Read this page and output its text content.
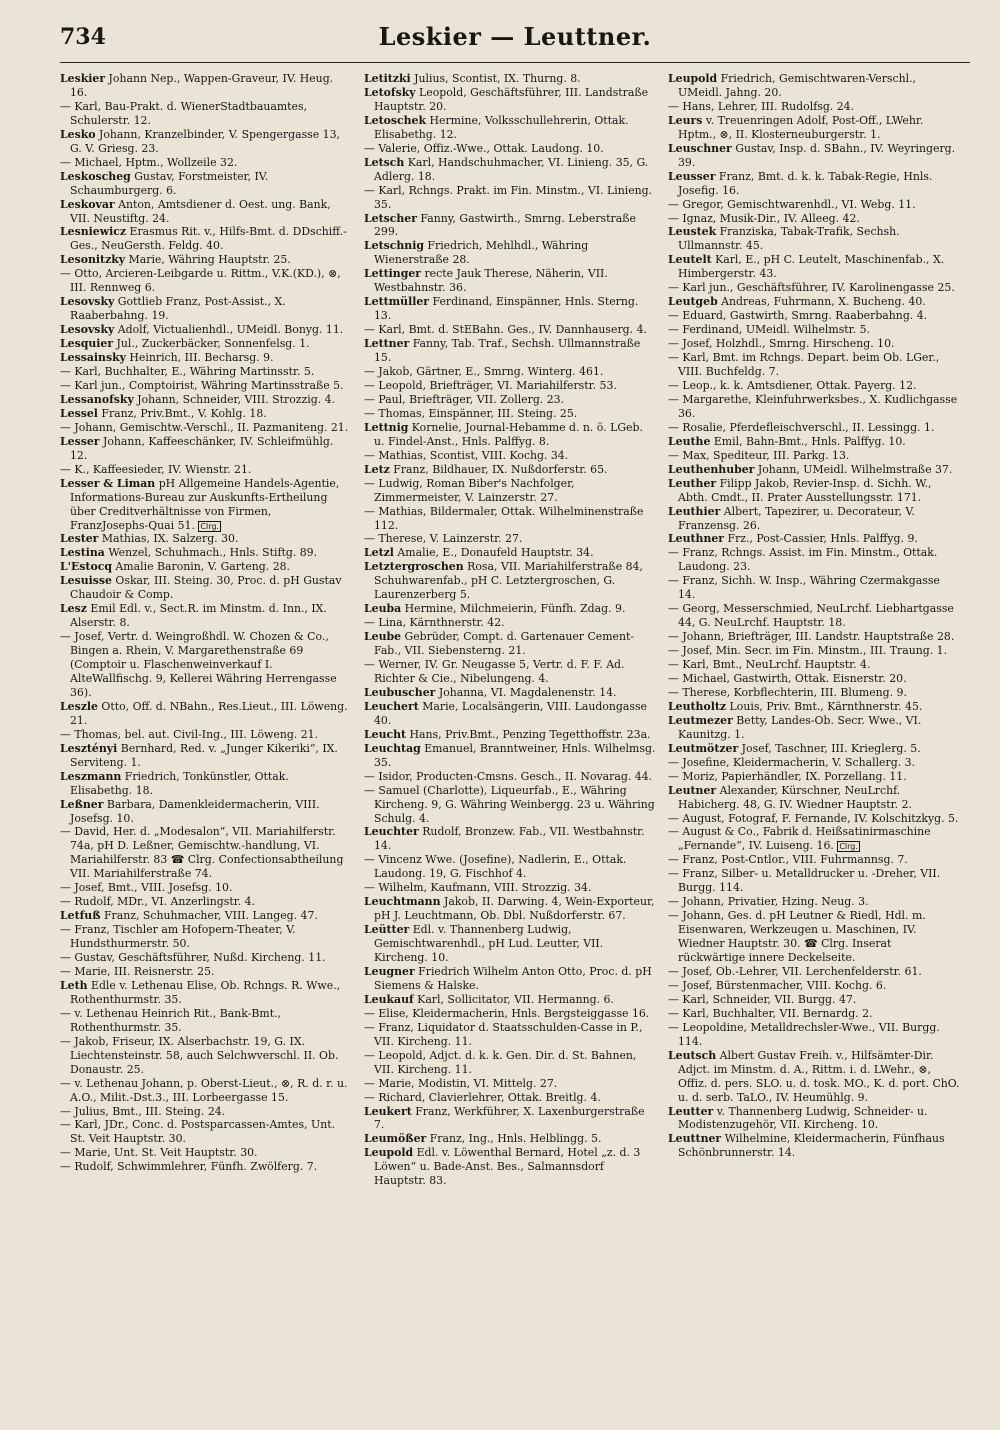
734	Leskier — Leuttner.

Leskier Johann Nep., Wappen-Graveur, IV. Heug. 16.

— Karl, Bau-Prakt. d. WienerStadtbauamtes, Schulerstr. 12.

Lesko Johann, Kranzelbinder, V. Spengergasse 13, G. V. Griesg. 23.

— Michael, Hptm., Wollzeile 32.

Leskoscheg Gustav, Forstmeister, IV. Schaumburgerg. 6.

Leskovar Anton, Amtsdiener d. Oest. ung. Bank, VII. Neustiftg. 24.

Lesniewicz Erasmus Rit. v., Hilfs-Bmt. d. DDschiff.-Ges., NeuGersth. Feldg. 40.

Lesonitzky Marie, Währing Hauptstr. 25.

— Otto, Arcieren-Leibgarde u. Rittm., V.K.(KD.), ⊗, III. Rennweg 6.

Lesovsky Gottlieb Franz, Post-Assist., X. Raaberbahng. 19.

Lesovsky Adolf, Victualienhdl., UMeidl. Bonyg. 11.

Lesquier Jul., Zuckerbäcker, Sonnenfelsg. 1.

Lessainsky Heinrich, III. Becharsg. 9.

— Karl, Buchhalter, E., Währing Martinsstr. 5.

— Karl jun., Comptoirist, Währing Martinsstraße 5.

Lessanofsky Johann, Schneider, VIII. Strozzig. 4.

Lessel Franz, Priv.Bmt., V. Kohlg. 18.

— Johann, Gemischtw.-Verschl., II. Pazmaniteng. 21.

Lesser Johann, Kaffeeschänker, IV. Schleifmühlg. 12.

— K., Kaffeesieder, IV. Wienstr. 21.

Lesser & Liman pH Allgemeine Handels-Agentie, Informations-Bureau zur Auskunfts-Ertheilung über Creditverhältnisse von Firmen, FranzJosephs-Quai 51. Clrg.

Lester Mathias, IX. Salzerg. 30.

Lestina Wenzel, Schuhmach., Hnls. Stiftg. 89.

L'Estocq Amalie Baronin, V. Garteng. 28.

Lesuisse Oskar, III. Steing. 30, Proc. d. pH Gustav Chaudoir & Comp.

Lesz Emil Edl. v., Sect.R. im Minstm. d. Inn., IX. Alserstr. 8.

— Josef, Vertr. d. Weingroßhdl. W. Chozen & Co., Bingen a. Rhein, V. Margarethenstraße 69 (Comptoir u. Flaschenweinverkauf I. AlteWallfischg. 9, Kellerei Währing Herrengasse 36).

Leszle Otto, Off. d. NBahn., Res.Lieut., III. Löweng. 21.

— Thomas, bel. aut. Civil-Ing., III. Löweng. 21.

Lesztényi Bernhard, Red. v. „Junger Kikeriki“, IX. Serviteng. 1.

Leszmann Friedrich, Tonkünstler, Ottak. Elisabethg. 18.

Leßner Barbara, Damenkleidermacherin, VIII. Josefsg. 10.

— David, Her. d. „Modesalon“, VII. Mariahilferstr. 74a, pH D. Leßner, Gemischtw.-handlung, VI. Mariahilferstr. 83 ☎ Clrg. Confectionsabtheilung VII. Mariahilferstraße 74.

— Josef, Bmt., VIII. Josefsg. 10.

— Rudolf, MDr., VI. Anzerlingstr. 4.

Letfuß Franz, Schuhmacher, VIII. Langeg. 47.

— Franz, Tischler am Hofopern-Theater, V. Hundsthurmerstr. 50.

— Gustav, Geschäftsführer, Nußd. Kircheng. 11.

— Marie, III. Reisnerstr. 25.

Leth Edle v. Lethenau Elise, Ob. Rchngs. R. Wwe., Rothenthurmstr. 35.

— v. Lethenau Heinrich Rit., Bank-Bmt., Rothenthurmstr. 35.

— Jakob, Friseur, IX. Alserbachstr. 19, G. IX. Liechtensteinstr. 58, auch Selchwverschl. II. Ob. Donaustr. 25.

— v. Lethenau Johann, p. Oberst-Lieut., ⊗, R. d. r. u. A.O., Milit.-Dst.3., III. Lorbeergasse 15.

— Julius, Bmt., III. Steing. 24.

— Karl, JDr., Conc. d. Postsparcassen-Amtes, Unt. St. Veit Hauptstr. 30.

— Marie, Unt. St. Veit Hauptstr. 30.

— Rudolf, Schwimmlehrer, Fünfh. Zwölferg. 7.

Letitzki Julius, Scontist, IX. Thurng. 8.

Letofsky Leopold, Geschäftsführer, III. Landstraße Hauptstr. 20.

Letoschek Hermine, Volksschullehrerin, Ottak. Elisabethg. 12.

— Valerie, Offiz.-Wwe., Ottak. Laudong. 10.

Letsch Karl, Handschuhmacher, VI. Linieng. 35, G. Adlerg. 18.

— Karl, Rchngs. Prakt. im Fin. Minstm., VI. Linieng. 35.

Letscher Fanny, Gastwirth., Smrng. Leberstraße 299.

Letschnig Friedrich, Mehlhdl., Währing Wienerstraße 28.

Lettinger recte Jauk Therese, Näherin, VII. Westbahnstr. 36.

Lettmüller Ferdinand, Einspänner, Hnls. Sterng. 13.

— Karl, Bmt. d. StEBahn. Ges., IV. Dannhauserg. 4.

Lettner Fanny, Tab. Traf., Sechsh. Ullmannstraße 15.

— Jakob, Gärtner, E., Smrng. Winterg. 461.

— Leopold, Briefträger, VI. Mariahilferstr. 53.

— Paul, Briefträger, VII. Zollerg. 23.

— Thomas, Einspänner, III. Steing. 25.

Lettnig Kornelie, Journal-Hebamme d. n. ö. LGeb. u. Findel-Anst., Hnls. Palffyg. 8.

— Mathias, Scontist, VIII. Kochg. 34.

Letz Franz, Bildhauer, IX. Nußdorferstr. 65.

— Ludwig, Roman Biber's Nachfolger, Zimmermeister, V. Lainzerstr. 27.

— Mathias, Bildermaler, Ottak. Wilhelminenstraße 112.

— Therese, V. Lainzerstr. 27.

Letzl Amalie, E., Donaufeld Hauptstr. 34.

Letztergroschen Rosa, VII. Mariahilferstraße 84, Schuhwarenfab., pH C. Letztergroschen, G. Laurenzerberg 5.

Leuba Hermine, Milchmeierin, Fünfh. Zdag. 9.

— Lina, Kärnthnerstr. 42.

Leube Gebrüder, Compt. d. Gartenauer Cement-Fab., VII. Siebensterng. 21.

— Werner, IV. Gr. Neugasse 5, Vertr. d. F. F. Ad. Richter & Cie., Nibelungeng. 4.

Leubuscher Johanna, VI. Magdalenenstr. 14.

Leuchert Marie, Localsängerin, VIII. Laudongasse 40.

Leucht Hans, Priv.Bmt., Penzing Tegetthoffstr. 23a.

Leuchtag Emanuel, Branntweiner, Hnls. Wilhelmsg. 35.

— Isidor, Producten-Cmsns. Gesch., II. Novarag. 44.

— Samuel (Charlotte), Liqueurfab., E., Währing Kircheng. 9, G. Währing Weinbergg. 23 u. Währing Schulg. 4.

Leuchter Rudolf, Bronzew. Fab., VII. Westbahnstr. 14.

— Vincenz Wwe. (Josefine), Nadlerin, E., Ottak. Laudong. 19, G. Fischhof 4.

— Wilhelm, Kaufmann, VIII. Strozzig. 34.

Leuchtmann Jakob, II. Darwing. 4, Wein-Exporteur, pH J. Leuchtmann, Ob. Dbl. Nußdorferstr. 67.

Leütter Edl. v. Thannenberg Ludwig, Gemischtwarenhdl., pH Lud. Leutter, VII. Kircheng. 10.

Leugner Friedrich Wilhelm Anton Otto, Proc. d. pH Siemens & Halske.

Leukauf Karl, Sollicitator, VII. Hermanng. 6.

— Elise, Kleidermacherin, Hnls. Bergsteiggasse 16.

— Franz, Liquidator d. Staatsschulden-Casse in P., VII. Kircheng. 11.

— Leopold, Adjct. d. k. k. Gen. Dir. d. St. Bahnen, VII. Kircheng. 11.

— Marie, Modistin, VI. Mittelg. 27.

— Richard, Clavierlehrer, Ottak. Breitlg. 4.

Leukert Franz, Werkführer, X. Laxenburgerstraße 7.

Leumößer Franz, Ing., Hnls. Helblingg. 5.

Leupold Edl. v. Löwenthal Bernard, Hotel „z. d. 3 Löwen“ u. Bade-Anst. Bes., Salmannsdorf Hauptstr. 83.

Leupold Friedrich, Gemischtwaren-Verschl., UMeidl. Jahng. 20.

— Hans, Lehrer, III. Rudolfsg. 24.

Leurs v. Treuenringen Adolf, Post-Off., LWehr. Hptm., ⊗, II. Klosterneuburgerstr. 1.

Leuschner Gustav, Insp. d. SBahn., IV. Weyringerg. 39.

Leusser Franz, Bmt. d. k. k. Tabak-Regie, Hnls. Josefig. 16.

— Gregor, Gemischtwarenhdl., VI. Webg. 11.

— Ignaz, Musik-Dir., IV. Alleeg. 42.

Leustek Franziska, Tabak-Trafik, Sechsh. Ullmannstr. 45.

Leutelt Karl, E., pH C. Leutelt, Maschinenfab., X. Himbergerstr. 43.

— Karl jun., Geschäftsführer, IV. Karolinengasse 25.

Leutgeb Andreas, Fuhrmann, X. Bucheng. 40.

— Eduard, Gastwirth, Smrng. Raaberbahng. 4.

— Ferdinand, UMeidl. Wilhelmstr. 5.

— Josef, Holzhdl., Smrng. Hirscheng. 10.

— Karl, Bmt. im Rchngs. Depart. beim Ob. LGer., VIII. Buchfeldg. 7.

— Leop., k. k. Amtsdiener, Ottak. Payerg. 12.

— Margarethe, Kleinfuhrwerksbes., X. Kudlichgasse 36.

— Rosalie, Pferdefleischverschl., II. Lessingg. 1.

Leuthe Emil, Bahn-Bmt., Hnls. Palffyg. 10.

— Max, Spediteur, III. Parkg. 13.

Leuthenhuber Johann, UMeidl. Wilhelmstraße 37.

Leuther Filipp Jakob, Revier-Insp. d. Sichh. W., Abth. Cmdt., II. Prater Ausstellungsstr. 171.

Leuthier Albert, Tapezirer, u. Decorateur, V. Franzensg. 26.

Leuthner Frz., Post-Cassier, Hnls. Palffyg. 9.

— Franz, Rchngs. Assist. im Fin. Minstm., Ottak. Laudong. 23.

— Franz, Sichh. W. Insp., Währing Czermakgasse 14.

— Georg, Messerschmied, NeuLrchf. Liebhartgasse 44, G. NeuLrchf. Hauptstr. 18.

— Johann, Briefträger, III. Landstr. Hauptstraße 28.

— Josef, Min. Secr. im Fin. Minstm., III. Traung. 1.

— Karl, Bmt., NeuLrchf. Hauptstr. 4.

— Michael, Gastwirth, Ottak. Eisnerstr. 20.

— Therese, Korbflechterin, III. Blumeng. 9.

Leutholtz Louis, Priv. Bmt., Kärnthnerstr. 45.

Leutmezer Betty, Landes-Ob. Secr. Wwe., VI. Kaunitzg. 1.

Leutmötzer Josef, Taschner, III. Krieglerg. 5.

— Josefine, Kleidermacherin, V. Schallerg. 3.

— Moriz, Papierhändler, IX. Porzellang. 11.

Leutner Alexander, Kürschner, NeuLrchf. Habicherg. 48, G. IV. Wiedner Hauptstr. 2.

— August, Fotograf, F. Fernande, IV. Kolschitzkyg. 5.

— August & Co., Fabrik d. Heißsatinirmaschine „Fernande“, IV. Luiseng. 16. Clrg.

— Franz, Post-Cntlor., VIII. Fuhrmannsg. 7.

— Franz, Silber- u. Metalldrucker u. -Dreher, VII. Burgg. 114.

— Johann, Privatier, Hzing. Neug. 3.

— Johann, Ges. d. pH Leutner & Riedl, Hdl. m. Eisenwaren, Werkzeugen u. Maschinen, IV. Wiedner Hauptstr. 30. ☎ Clrg. Inserat rückwärtige innere Deckelseite.

— Josef, Ob.-Lehrer, VII. Lerchenfelderstr. 61.

— Josef, Bürstenmacher, VIII. Kochg. 6.

— Karl, Schneider, VII. Burgg. 47.

— Karl, Buchhalter, VII. Bernardg. 2.

— Leopoldine, Metalldrechsler-Wwe., VII. Burgg. 114.

Leutsch Albert Gustav Freih. v., Hilfsämter-Dir. Adjct. im Minstm. d. A., Rittm. i. d. LWehr., ⊗, Offiz. d. pers. SLO. u. d. tosk. MO., K. d. port. ChO. u. d. serb. TaLO., IV. Heumühlg. 9.

Leutter v. Thannenberg Ludwig, Schneider- u. Modistenzugehör, VII. Kircheng. 10.

Leuttner Wilhelmine, Kleidermacherin, Fünfhaus Schönbrunnerstr. 14.
